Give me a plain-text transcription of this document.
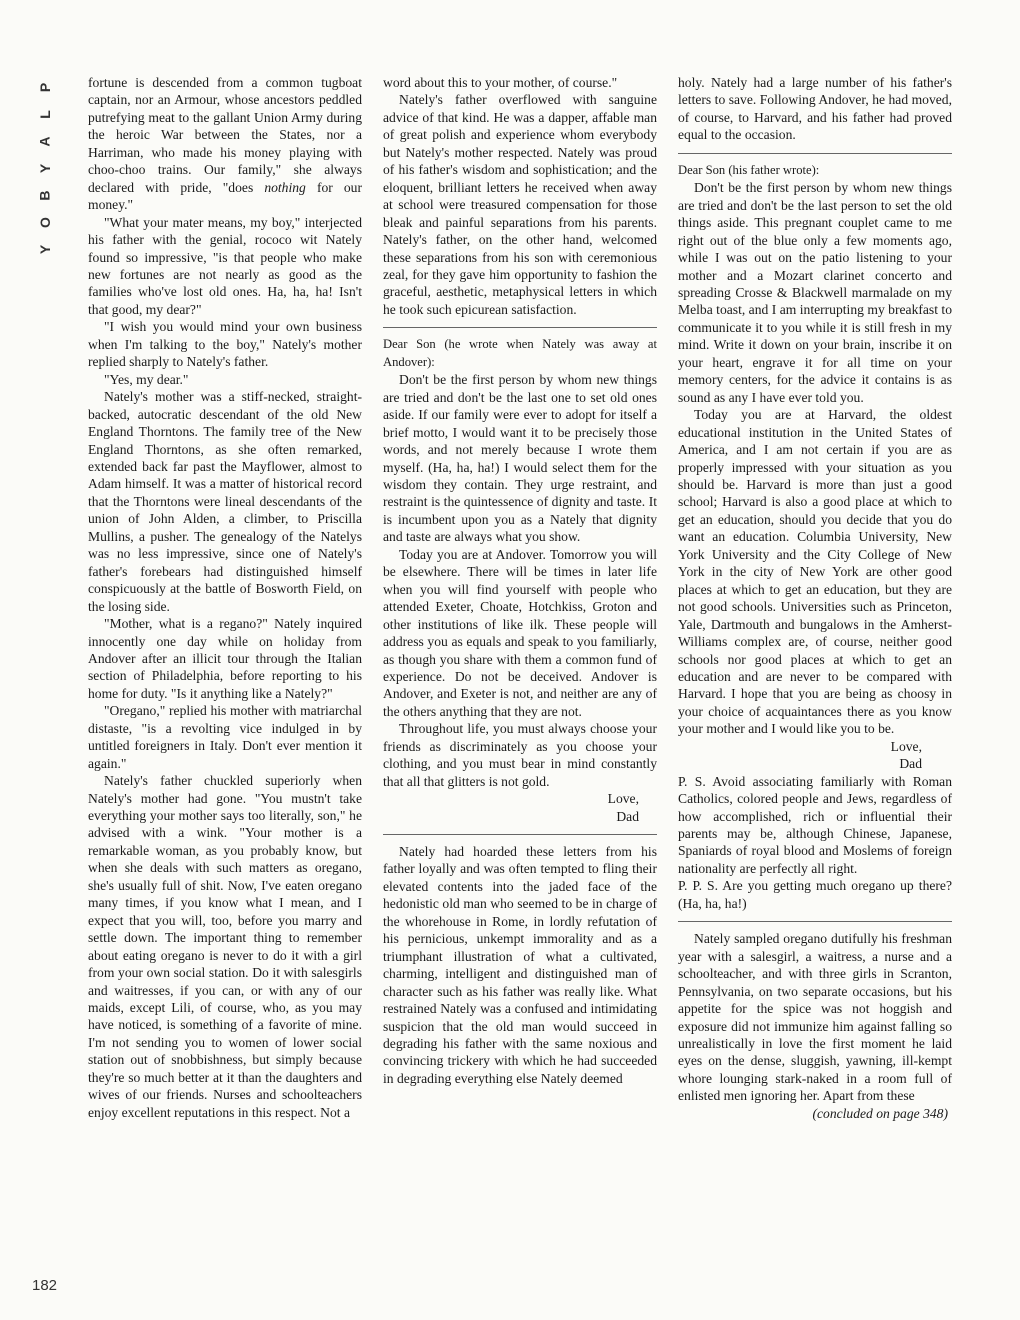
P
L
A
Y
B
O
Y
182

fortune is descended from a common tugboat captain, nor an Armour, whose ancestors peddled putrefying meat to the gallant Union Army during the heroic War between the States, nor a Harriman, who made his money playing with choo-choo trains. Our family," she always declared with pride, "does nothing for our money."

"What your mater means, my boy," interjected his father with the genial, rococo wit Nately found so impressive, "is that people who make new fortunes are not nearly as good as the families who've lost old ones. Ha, ha, ha! Isn't that good, my dear?"

"I wish you would mind your own business when I'm talking to the boy," Nately's mother replied sharply to Nately's father.

"Yes, my dear."

Nately's mother was a stiff-necked, straight-backed, autocratic descendant of the old New England Thorntons. The family tree of the New England Thorntons, as she often remarked, extended back far past the Mayflower, almost to Adam himself. It was a matter of historical record that the Thorntons were lineal descendants of the union of John Alden, a climber, to Priscilla Mullins, a pusher. The genealogy of the Natelys was no less impressive, since one of Nately's father's forebears had distinguished himself conspicuously at the battle of Bosworth Field, on the losing side.

"Mother, what is a regano?" Nately inquired innocently one day while on holiday from Andover after an illicit tour through the Italian section of Philadelphia, before reporting to his home for duty. "Is it anything like a Nately?"

"Oregano," replied his mother with matriarchal distaste, "is a revolting vice indulged in by untitled foreigners in Italy. Don't ever mention it again."

Nately's father chuckled superiorly when Nately's mother had gone. "You mustn't take everything your mother says too literally, son," he advised with a wink. "Your mother is a remarkable woman, as you probably know, but when she deals with such matters as oregano, she's usually full of shit. Now, I've eaten oregano many times, if you know what I mean, and I expect that you will, too, before you marry and settle down. The important thing to remember about eating oregano is never to do it with a girl from your own social station. Do it with salesgirls and waitresses, if you can, or with any of our maids, except Lili, of course, who, as you may have noticed, is something of a favorite of mine. I'm not sending you to women of lower social station out of snobbishness, but simply because they're so much better at it than the daughters and wives of our friends. Nurses and schoolteachers enjoy excellent reputations in this respect. Not a

word about this to your mother, of course."

Nately's father overflowed with sanguine advice of that kind. He was a dapper, affable man of great polish and experience whom everybody but Nately's mother respected. Nately was proud of his father's wisdom and sophistication; and the eloquent, brilliant letters he received when away at school were treasured compensation for those bleak and painful separations from his parents. Nately's father, on the other hand, welcomed these separations from his son with ceremonious zeal, for they gave him opportunity to fashion the graceful, aesthetic, metaphysical letters in which he took such epicurean satisfaction.

Dear Son (he wrote when Nately was away at Andover):

Don't be the first person by whom new things are tried and don't be the last one to set old ones aside. If our family were ever to adopt for itself a brief motto, I would want it to be precisely those words, and not merely because I wrote them myself. (Ha, ha, ha!) I would select them for the wisdom they contain. They urge restraint, and restraint is the quintessence of dignity and taste. It is incumbent upon you as a Nately that dignity and taste are always what you show.

Today you are at Andover. Tomorrow you will be elsewhere. There will be times in later life when you will find yourself with people who attended Exeter, Choate, Hotchkiss, Groton and other institutions of like ilk. These people will address you as equals and speak to you familiarly, as though you share with them a common fund of experience. Do not be deceived. Andover is Andover, and Exeter is not, and neither are any of the others anything that they are not.

Throughout life, you must always choose your friends as discriminately as you choose your clothing, and you must bear in mind constantly that all that glitters is not gold.

Love,

Dad

Nately had hoarded these letters from his father loyally and was often tempted to fling their elevated contents into the jaded face of the hedonistic old man who seemed to be in charge of the whorehouse in Rome, in lordly refutation of his pernicious, unkempt immorality and as a triumphant illustration of what a cultivated, charming, intelligent and distinguished man of character such as his father was really like. What restrained Nately was a confused and intimidating suspicion that the old man would succeed in degrading his father with the same noxious and convincing trickery with which he had succeeded in degrading everything else Nately deemed

holy. Nately had a large number of his father's letters to save. Following Andover, he had moved, of course, to Harvard, and his father had proved equal to the occasion.

Dear Son (his father wrote):

Don't be the first person by whom new things are tried and don't be the last person to set the old things aside. This pregnant couplet came to me right out of the blue only a few moments ago, while I was out on the patio listening to your mother and a Mozart clarinet concerto and spreading Crosse & Blackwell marmalade on my Melba toast, and I am interrupting my breakfast to communicate it to you while it is still fresh in my mind. Write it down on your brain, inscribe it on your heart, engrave it for all time on your memory centers, for the advice it contains is as sound as any I have ever told you.

Today you are at Harvard, the oldest educational institution in the United States of America, and I am not certain if you are as properly impressed with your situation as you should be. Harvard is more than just a good school; Harvard is also a good place at which to get an education, should you decide that you do want an education. Columbia University, New York University and the City College of New York in the city of New York are other good places at which to get an education, but they are not good schools. Universities such as Princeton, Yale, Dartmouth and bungalows in the Amherst-Williams complex are, of course, neither good schools nor good places at which to get an education and are never to be compared with Harvard. I hope that you are being as choosy in your choice of acquaintances there as you know your mother and I would like you to be.

Love,

Dad

P. S. Avoid associating familiarly with Roman Catholics, colored people and Jews, regardless of how accomplished, rich or influential their parents may be, although Chinese, Japanese, Spaniards of royal blood and Moslems of foreign nationality are perfectly all right.

P. P. S. Are you getting much oregano up there? (Ha, ha, ha!)

Nately sampled oregano dutifully his freshman year with a salesgirl, a waitress, a nurse and a schoolteacher, and with three girls in Scranton, Pennsylvania, on two separate occasions, but his appetite for the spice was not hoggish and exposure did not immunize him against falling so unrealistically in love the first moment he laid eyes on the dense, sluggish, yawning, ill-kempt whore lounging stark-naked in a room full of enlisted men ignoring her. Apart from these

(concluded on page 348)
